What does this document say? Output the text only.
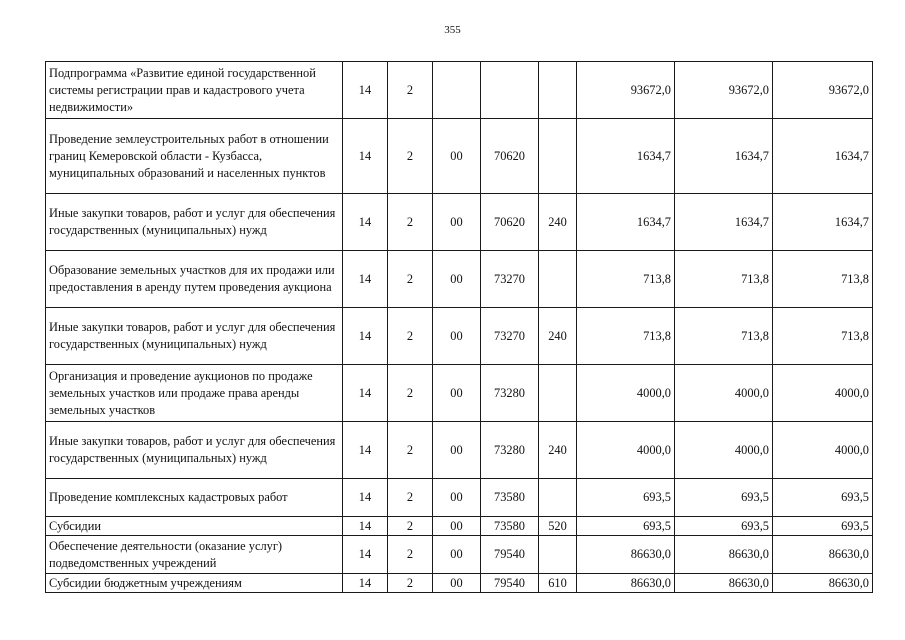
355
Подпрограмма «Развитие единой государственной системы регистрации прав и кадастрового учета недвижимости»	14	2				93672,0	93672,0	93672,0
Проведение землеустроительных работ в отношении границ Кемеровской области - Кузбасса, муниципальных образований и населенных пунктов	14	2	00	70620		1634,7	1634,7	1634,7
Иные закупки товаров, работ и услуг для обеспечения государственных (муниципальных) нужд	14	2	00	70620	240	1634,7	1634,7	1634,7
Образование земельных участков для их продажи или предоставления в аренду путем проведения аукциона	14	2	00	73270		713,8	713,8	713,8
Иные закупки товаров, работ и услуг для обеспечения государственных (муниципальных) нужд	14	2	00	73270	240	713,8	713,8	713,8
Организация и проведение аукционов по продаже земельных участков или продаже права аренды земельных участков	14	2	00	73280		4000,0	4000,0	4000,0
Иные закупки товаров, работ и услуг для обеспечения государственных (муниципальных) нужд	14	2	00	73280	240	4000,0	4000,0	4000,0
Проведение комплексных кадастровых работ	14	2	00	73580		693,5	693,5	693,5
Субсидии	14	2	00	73580	520	693,5	693,5	693,5
Обеспечение деятельности (оказание услуг) подведомственных учреждений	14	2	00	79540		86630,0	86630,0	86630,0
Субсидии бюджетным учреждениям	14	2	00	79540	610	86630,0	86630,0	86630,0
